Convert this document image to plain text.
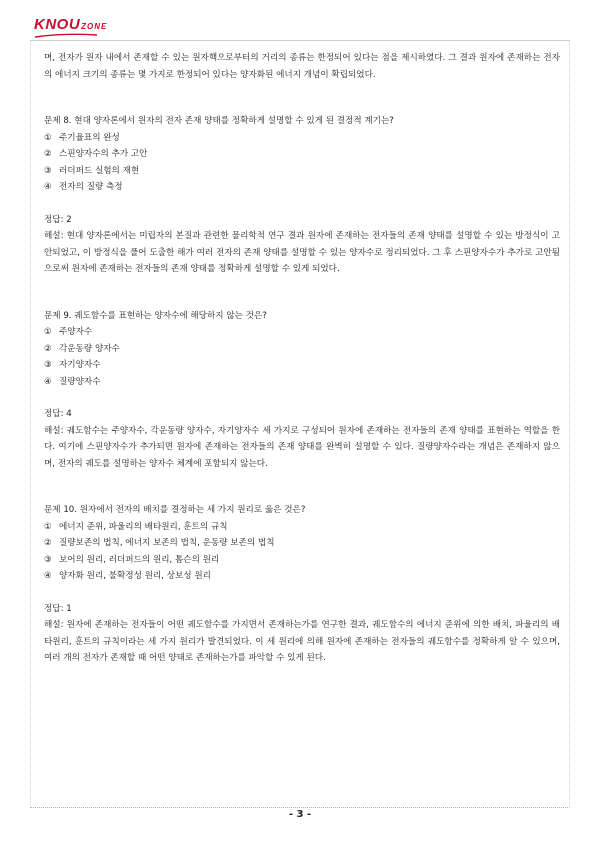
KNOU ZONE

며, 전자가 원자 내에서 존재할 수 있는 원자핵으로부터의 거리의 종류는 한정되어 있다는 점을 제시하였다. 그 결과 원자에 존재하는 전자의 에너지 크기의 종류는 몇 가지로 한정되어 있다는 양자화된 에너지 개념이 확립되었다.

문제 8. 현대 양자론에서 원자의 전자 존재 양태를 정확하게 설명할 수 있게 된 결정적 계기는?

① 주기율표의 완성
② 스핀양자수의 추가 고안
③ 러더퍼드 실험의 재현
④ 전자의 질량 측정

정답: 2

해설: 현대 양자론에서는 미립자의 본질과 관련한 물리학적 연구 결과 원자에 존재하는 전자들의 존재 양태를 설명할 수 있는 방정식이 고안되었고, 이 방정식을 풀어 도출한 해가 여러 전자의 존재 양태를 설명할 수 있는 양자수로 정리되었다. 그 후 스핀양자수가 추가로 고안됨으로써 원자에 존재하는 전자들의 존재 양태를 정확하게 설명할 수 있게 되었다.

문제 9. 궤도함수를 표현하는 양자수에 해당하지 않는 것은?

① 주양자수
② 각운동량 양자수
③ 자기양자수
④ 질량양자수

정답: 4

해설: 궤도함수는 주양자수, 각운동량 양자수, 자기양자수 세 가지로 구성되어 원자에 존재하는 전자들의 존재 양태를 표현하는 역할을 한다. 여기에 스핀양자수가 추가되면 원자에 존재하는 전자들의 존재 양태를 완벽히 설명할 수 있다. 질량양자수라는 개념은 존재하지 않으며, 전자의 궤도를 설명하는 양자수 체계에 포함되지 않는다.

문제 10. 원자에서 전자의 배치를 결정하는 세 가지 원리로 옳은 것은?

① 에너지 준위, 파울리의 배타원리, 훈트의 규칙
② 질량보존의 법칙, 에너지 보존의 법칙, 운동량 보존의 법칙
③ 보어의 원리, 러더퍼드의 원리, 톰슨의 원리
④ 양자화 원리, 불확정성 원리, 상보성 원리

정답: 1

해설: 원자에 존재하는 전자들이 어떤 궤도함수를 가지면서 존재하는가를 연구한 결과, 궤도함수의 에너지 준위에 의한 배치, 파울리의 배타원리, 훈트의 규칙이라는 세 가지 원리가 발견되었다. 이 세 원리에 의해 원자에 존재하는 전자들의 궤도함수를 정확하게 알 수 있으며, 여러 개의 전자가 존재할 때 어떤 양태로 존재하는가를 파악할 수 있게 된다.

- 3 -
